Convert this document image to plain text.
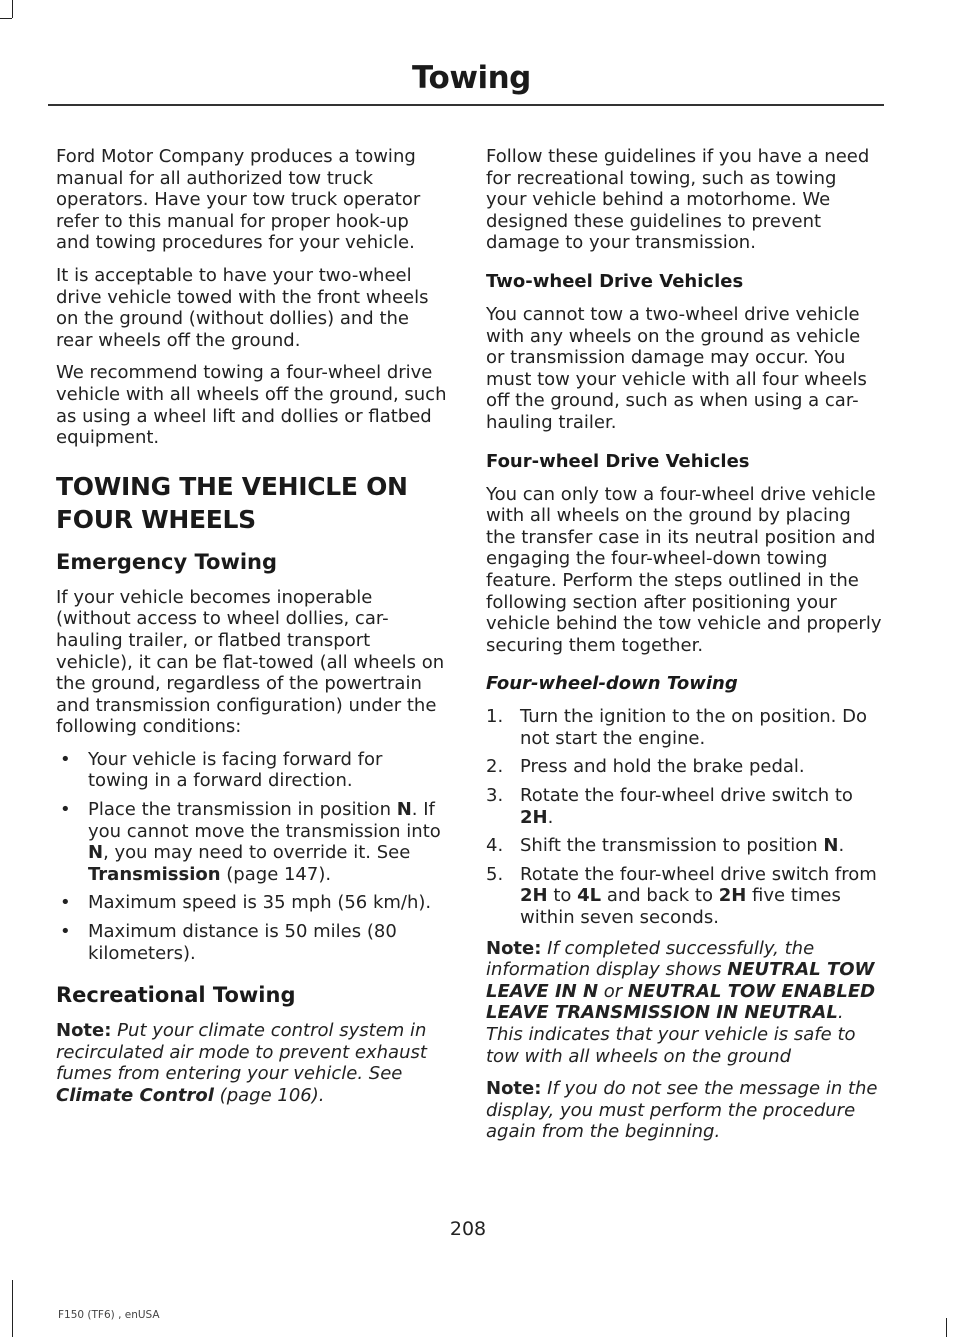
Towing

Ford Motor Company produces a towing manual for all authorized tow truck operators. Have your tow truck operator refer to this manual for proper hook-up and towing procedures for your vehicle.

It is acceptable to have your two-wheel drive vehicle towed with the front wheels on the ground (without dollies) and the rear wheels off the ground.

We recommend towing a four-wheel drive vehicle with all wheels off the ground, such as using a wheel lift and dollies or flatbed equipment.

TOWING THE VEHICLE ON
FOUR WHEELS
Emergency Towing

If your vehicle becomes inoperable (without access to wheel dollies, car-hauling trailer, or flatbed transport vehicle), it can be flat-towed (all wheels on the ground, regardless of the powertrain and transmission configuration) under the following conditions:

• Your vehicle is facing forward for towing in a forward direction.
• Place the transmission in position N. If you cannot move the transmission into N, you may need to override it. See Transmission (page 147).
• Maximum speed is 35 mph (56 km/h).
• Maximum distance is 50 miles (80 kilometers).
Recreational Towing

Note: Put your climate control system in recirculated air mode to prevent exhaust fumes from entering your vehicle. See Climate Control (page 106).

Follow these guidelines if you have a need for recreational towing, such as towing your vehicle behind a motorhome. We designed these guidelines to prevent damage to your transmission.

Two-wheel Drive Vehicles

You cannot tow a two-wheel drive vehicle with any wheels on the ground as vehicle or transmission damage may occur. You must tow your vehicle with all four wheels off the ground, such as when using a car-hauling trailer.

Four-wheel Drive Vehicles

You can only tow a four-wheel drive vehicle with all wheels on the ground by placing the transfer case in its neutral position and engaging the four-wheel-down towing feature. Perform the steps outlined in the following section after positioning your vehicle behind the tow vehicle and properly securing them together.

Four-wheel-down Towing
1. Turn the ignition to the on position. Do not start the engine.
2. Press and hold the brake pedal.
3. Rotate the four-wheel drive switch to 2H.
4. Shift the transmission to position N.
5. Rotate the four-wheel drive switch from 2H to 4L and back to 2H five times within seven seconds.

Note: If completed successfully, the information display shows NEUTRAL TOW LEAVE IN N or NEUTRAL TOW ENABLED LEAVE TRANSMISSION IN NEUTRAL. This indicates that your vehicle is safe to tow with all wheels on the ground

Note: If you do not see the message in the display, you must perform the procedure again from the beginning.

208
F150 (TF6) , enUSA
